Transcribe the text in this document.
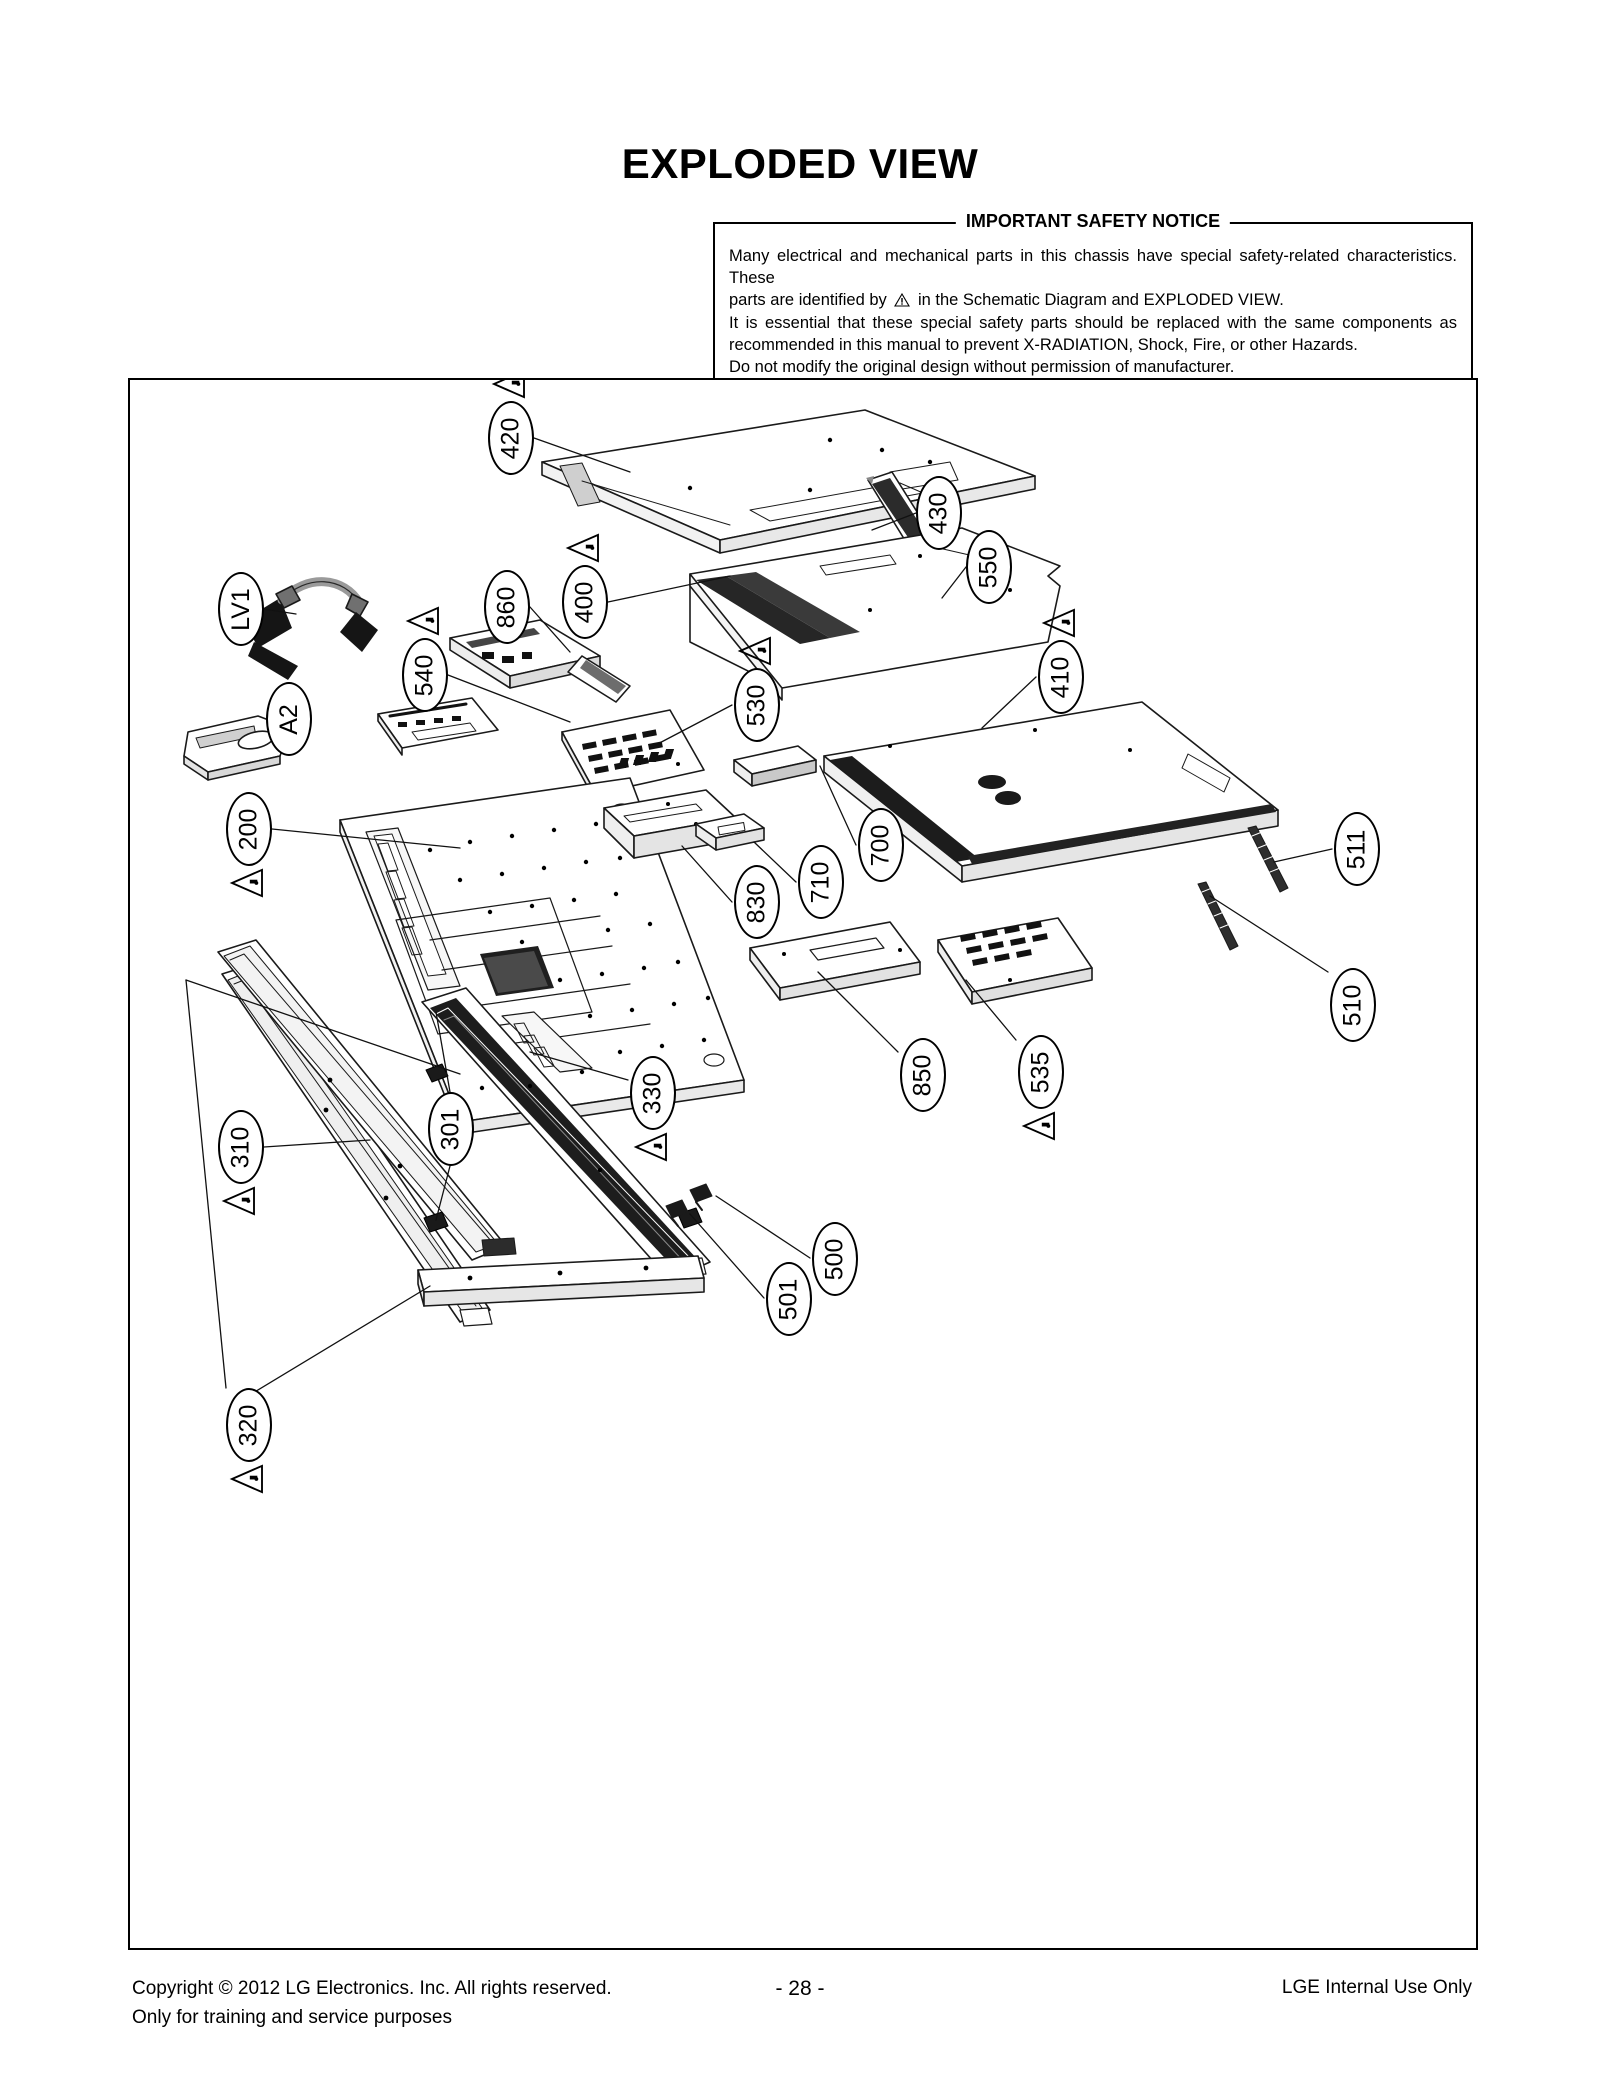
EXPLODED VIEW
IMPORTANT SAFETY NOTICE

Many electrical and mechanical parts in this chassis have special safety-related characteristics. These

parts are identified by in the Schematic Diagram and EXPLODED VIEW.

It is essential that these special safety parts should be replaced with the same components as

recommended in this manual to prevent X-RADIATION, Shock, Fire, or other Hazards.

Do not modify the original design without permission of manufacturer.

420
430
550
LV1	860 400
540	410
A2	530
200	700
710
830
511
510
850	535
330
301
310
500
501
320
Copyright © 2012 LG Electronics. Inc. All rights reserved.
Only for training and service purposes
- 28 -	LGE Internal Use Only
